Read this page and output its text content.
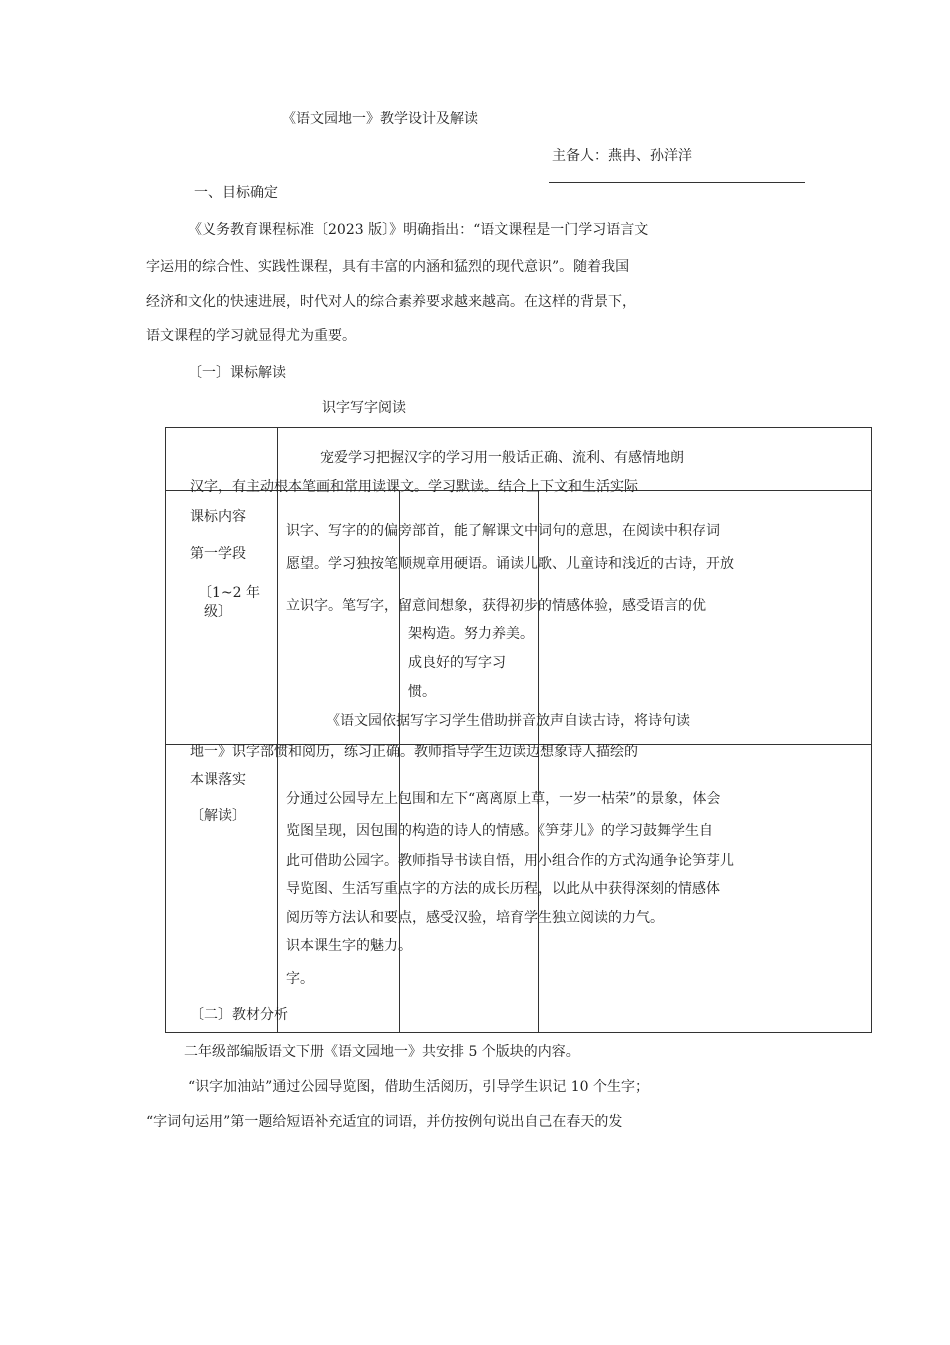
《语文园地一》教学设计及解读
主备人：燕冉、孙洋洋
一、目标确定
《义务教育课程标准〔2023 版〕》明确指出：“语文课程是一门学习语言文
字运用的综合性、实践性课程，具有丰富的内涵和猛烈的现代意识”。随着我国
经济和文化的快速进展，时代对人的综合素养要求越来越高。在这样的背景下，
语文课程的学习就显得尤为重要。
〔一〕课标解读
识字写字阅读
课标内容
第一学段
〔1~2 年
级〕
宠爱学习把握汉字的学习用一般话正确、流利、有感情地朗
汉字，有主动根本笔画和常用读课文。学习默读。结合上下文和生活实际
识字、写字的的偏旁部首，能了解课文中词句的意思，在阅读中积存词
愿望。学习独按笔顺规章用硬语。诵读儿歌、儿童诗和浅近的古诗，开放
立识字。笔写字，留意间想象，获得初步的情感体验，感受语言的优
架构造。努力养美。
成良好的写字习
惯。
本课落实
〔解读〕
《语文园依据写字习学生借助拼音放声自读古诗，将诗句读
地一》识字部惯和阅历，练习正确。教师指导学生边读边想象诗人描绘的
分通过公园导左上包围和左下“离离原上草，一岁一枯荣”的景象，体会
览图呈现，因包围的构造的诗人的情感。《笋芽儿》的学习鼓舞学生自
此可借助公园字。教师指导书读自悟，用小组合作的方式沟通争论笋芽儿
导览图、生活写重点字的方法的成长历程，以此从中获得深刻的情感体
阅历等方法认和要点，感受汉验，培育学生独立阅读的力气。
识本课生字的魅力。
字。
〔二〕教材分析
二年级部编版语文下册《语文园地一》共安排 5 个版块的内容。
“识字加油站”通过公园导览图，借助生活阅历，引导学生识记 10 个生字；
“字词句运用”第一题给短语补充适宜的词语，并仿按例句说出自己在春天的发
